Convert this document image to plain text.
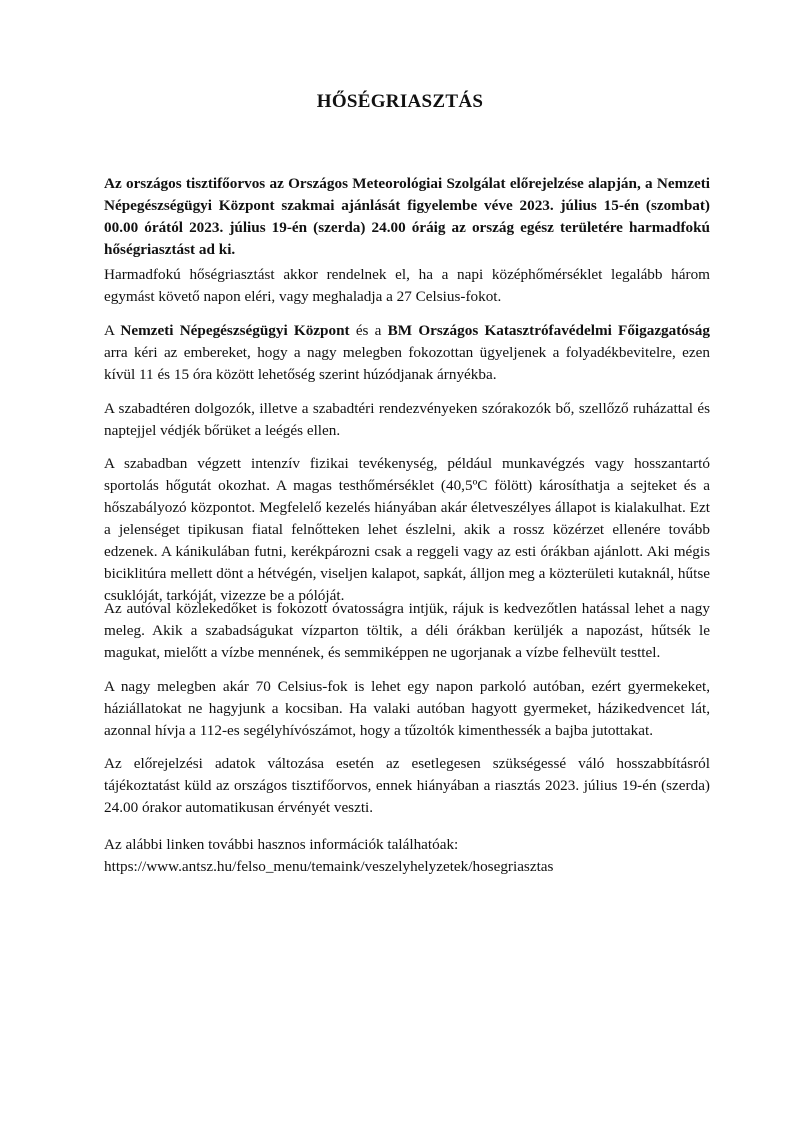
HŐSÉGRIASZTÁS

Az országos tisztifőorvos az Országos Meteorológiai Szolgálat előrejelzése alapján, a Nemzeti Népegészségügyi Központ szakmai ajánlását figyelembe véve 2023. július 15-én (szombat) 00.00 órától 2023. július 19-én (szerda) 24.00 óráig az ország egész területére harmadfokú hőségriasztást ad ki.

Harmadfokú hőségriasztást akkor rendelnek el, ha a napi középhőmérséklet legalább három egymást követő napon eléri, vagy meghaladja a 27 Celsius-fokot.

A Nemzeti Népegészségügyi Központ és a BM Országos Katasztrófavédelmi Főigazgatóság arra kéri az embereket, hogy a nagy melegben fokozottan ügyeljenek a folyadékbevitelre, ezen kívül 11 és 15 óra között lehetőség szerint húzódjanak árnyékba.

A szabadtéren dolgozók, illetve a szabadtéri rendezvényeken szórakozók bő, szellőző ruházattal és naptejjel védjék bőrüket a leégés ellen.

A szabadban végzett intenzív fizikai tevékenység, például munkavégzés vagy hosszantartó sportolás hőgutát okozhat. A magas testhőmérséklet (40,5ºC fölött) károsíthatja a sejteket és a hőszabályozó központot. Megfelelő kezelés hiányában akár életveszélyes állapot is kialakulhat. Ezt a jelenséget tipikusan fiatal felnőtteken lehet észlelni, akik a rossz közérzet ellenére tovább edzenek. A kánikulában futni, kerékpározni csak a reggeli vagy az esti órákban ajánlott. Aki mégis biciklitúra mellett dönt a hétvégén, viseljen kalapot, sapkát, álljon meg a közterületi kutaknál, hűtse csuklóját, tarkóját, vizezze be a pólóját.

Az autóval közlekedőket is fokozott óvatosságra intjük, rájuk is kedvezőtlen hatással lehet a nagy meleg. Akik a szabadságukat vízparton töltik, a déli órákban kerüljék a napozást, hűtsék le magukat, mielőtt a vízbe mennének, és semmiképpen ne ugorjanak a vízbe felhevült testtel.

A nagy melegben akár 70 Celsius-fok is lehet egy napon parkoló autóban, ezért gyermekeket, háziállatokat ne hagyjunk a kocsiban. Ha valaki autóban hagyott gyermeket, házikedvencet lát, azonnal hívja a 112-es segélyhívószámot, hogy a tűzoltók kimenthessék a bajba jutottakat.

Az előrejelzési adatok változása esetén az esetlegesen szükségessé váló hosszabbításról tájékoztatást küld az országos tisztifőorvos, ennek hiányában a riasztás 2023. július 19-én (szerda) 24.00 órakor automatikusan érvényét veszti.

Az alábbi linken további hasznos információk találhatóak:
https://www.antsz.hu/felso_menu/temaink/veszelyhelyzetek/hosegriasztas
